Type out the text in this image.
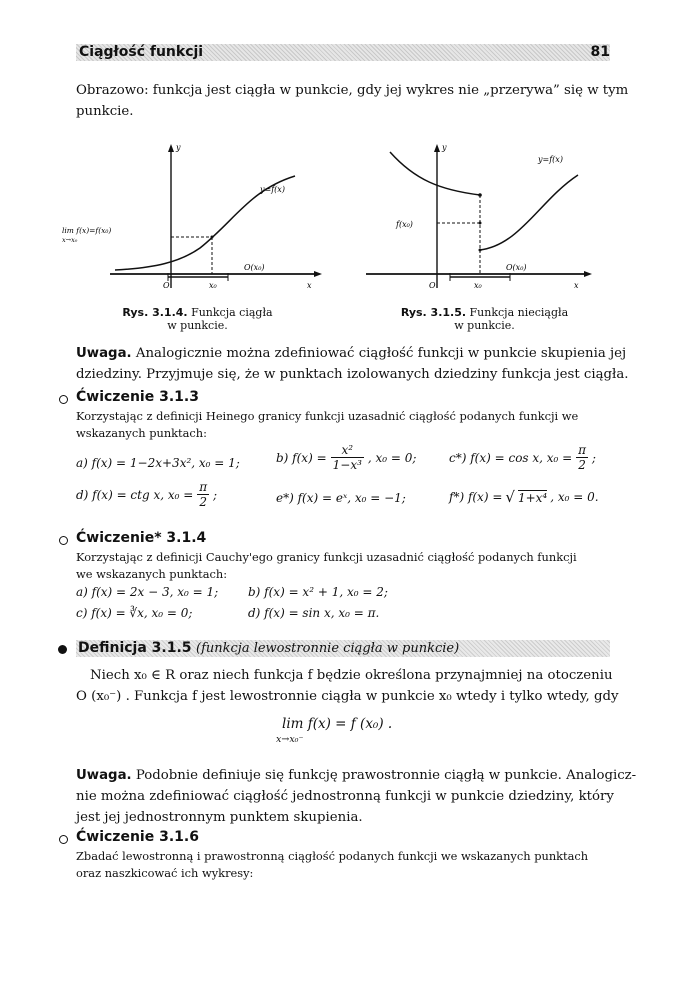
Ciągłość funkcji	81
Obrazowo: funkcja jest ciągła w punkcie, gdy jej wykres nie „przerywa” się w tym
punkcie.
y
x
O	x₀
O(x₀)
y=f(x)
lim f(x)=f(x₀)
x→x₀
y
x
O	x₀
O(x₀)
y=f(x)
f(x₀)
Rys. 3.1.4. Funkcja ciągła
w punkcie.
Rys. 3.1.5. Funkcja nieciągła
w punkcie.
Uwaga. Analogicznie można zdefiniować ciągłość funkcji w punkcie skupienia jej
dziedziny. Przyjmuje się, że w punktach izolowanych dziedziny funkcja jest ciągła.
Ćwiczenie 3.1.3
Korzystając z definicji Heinego granicy funkcji uzasadnić ciągłość podanych funkcji we
wskazanych punktach:
a) f(x) = 1−2x+3x², x₀ = 1;	b) $f(x) = \frac{\text{x²}}{\text{1−x³}}$ , x₀ = 0;	c*) f(x) = cos x, $x_0 = \frac{\pi}{2}$ ;
d) f(x) = ctg x, $x_0 = \frac{\pi}{2}$ ;	e*) f(x) = eˣ, x₀ = −1;	f*) f(x) = √ 1+x⁴ , x₀ = 0.
Ćwiczenie* 3.1.4
Korzystając z definicji Cauchy'ego granicy funkcji uzasadnić ciągłość podanych funkcji
we wskazanych punktach:
a) f(x) = 2x − 3, x₀ = 1; b) f(x) = x² + 1, x₀ = 2;
c) f(x) = ∛x, x₀ = 0;	d) f(x) = sin x, x₀ = π.
Definicja 3.1.5 (funkcja lewostronnie ciągła w punkcie)
Niech x₀ ∈ R oraz niech funkcja f będzie określona przynajmniej na otoczeniu
O (x₀⁻) . Funkcja f jest lewostronnie ciągła w punkcie x₀ wtedy i tylko wtedy, gdy
lim f(x) = f (x₀) .
x→x₀⁻
Uwaga. Podobnie definiuje się funkcję prawostronnie ciągłą w punkcie. Analogicz-
nie można zdefiniować ciągłość jednostronną funkcji w punkcie dziedziny, który
jest jej jednostronnym punktem skupienia.
Ćwiczenie 3.1.6
Zbadać lewostronną i prawostronną ciągłość podanych funkcji we wskazanych punktach
oraz naszkicować ich wykresy:
